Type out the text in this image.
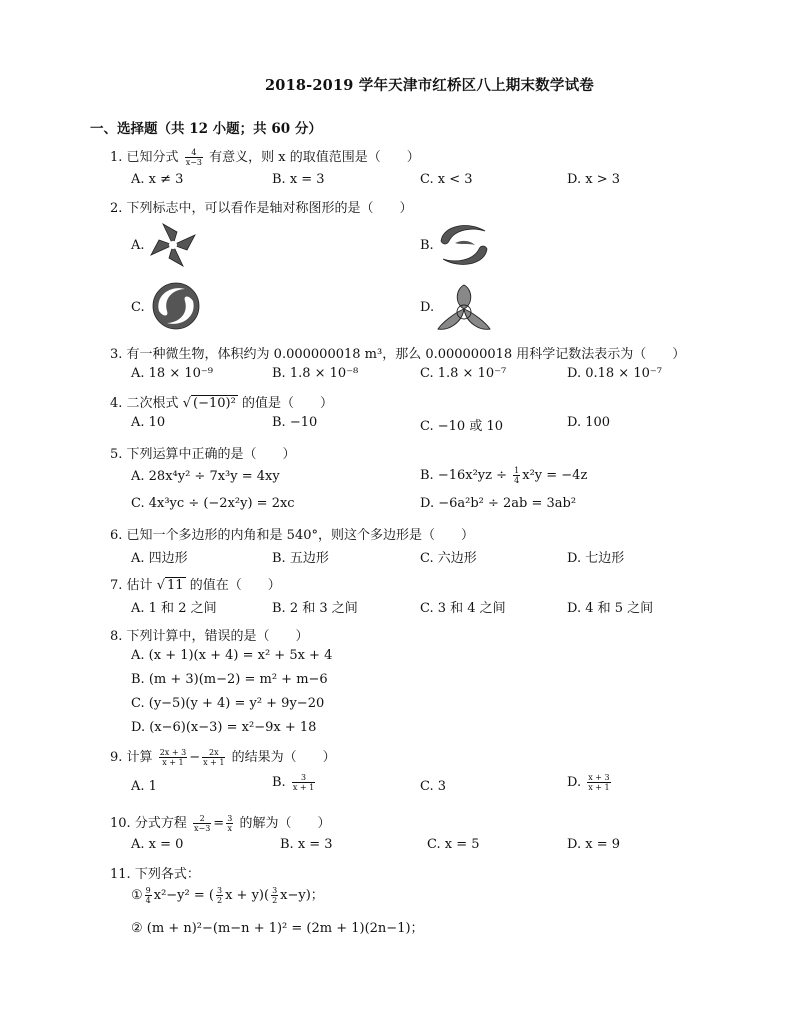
2018-2019 学年天津市红桥区八上期末数学试卷
一、选择题（共 12 小题；共 60 分）
1. 已知分式 $\frac{4}{x-3}$ 有意义，则 x 的取值范围是（　　）
A. x ≠ 3	B. x = 3	C. x < 3	D. x > 3
2. 下列标志中，可以看作是轴对称图形的是（　　）
A.	B.
C.	D.
3. 有一种微生物，体积约为 0.000000018 m³，那么 0.000000018 用科学记数法表示为（　　）
A. 18 × 10⁻⁹	B. 1.8 × 10⁻⁸	C. 1.8 × 10⁻⁷	D. 0.18 × 10⁻⁷
4. 二次根式 √ (−10)² 的值是（　　）
A. 10	B. −10	C. −10 或 10	D. 100
5. 下列运算中正确的是（　　）
A. 28x⁴y² ÷ 7x³y = 4xy	B. $-16x^2yz \div \frac{1}{4} x^2y = -4z$
C. 4x³yc ÷ (−2x²y) = 2xc	D. −6a²b² ÷ 2ab = 3ab²
6. 已知一个多边形的内角和是 540°，则这个多边形是（　　）
A. 四边形	B. 五边形	C. 六边形	D. 七边形
7. 估计 √ 11 的值在（　　）
A. 1 和 2 之间	B. 2 和 3 之间	C. 3 和 4 之间	D. 4 和 5 之间
8. 下列计算中，错误的是（　　）
A. (x + 1)(x + 4) = x² + 5x + 4
B. (m + 3)(m−2) = m² + m−6
C. (y−5)(y + 4) = y² + 9y−20
D. (x−6)(x−3) = x²−9x + 18
9. 计算 $\frac{2x + 3}{x + 1} - \frac{2x}{x + 1}$ 的结果为（　　）
A. 1	B. $\frac{3}{x + 1}$	C. 3	D. $\frac{x + 3}{x + 1}$
10. 分式方程 $\frac{2}{x-3} = \frac{3}{x}$ 的解为（　　）
A. x = 0	B. x = 3	C. x = 5	D. x = 9
11. 下列各式：
① $\frac{9}{4} x^2-y^2$ = ( $\frac{3}{2}$ $x + y)( \frac{3}{2} x-y)$；
② (m + n)²−(m−n + 1)² = (2m + 1)(2n−1)；
